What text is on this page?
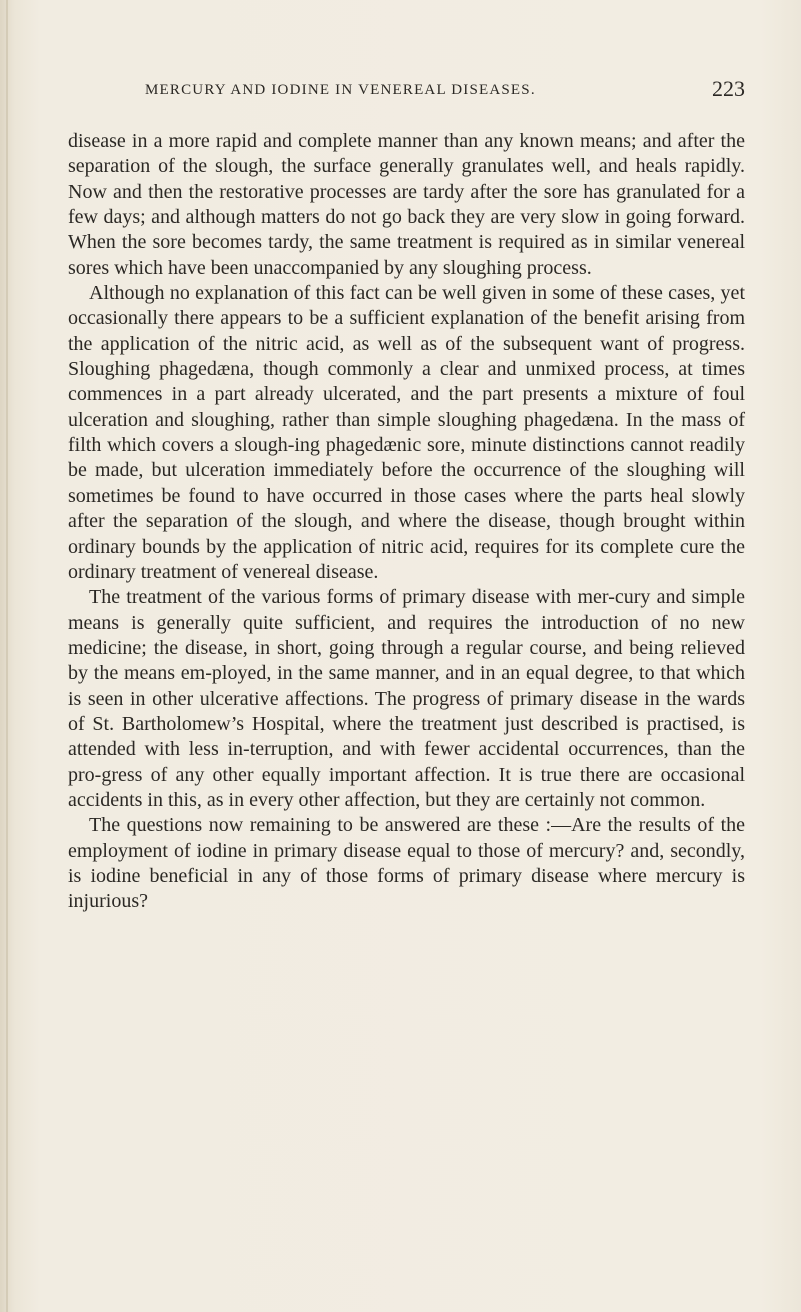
MERCURY AND IODINE IN VENEREAL DISEASES.	223

disease in a more rapid and complete manner than any known means; and after the separation of the slough, the surface generally granulates well, and heals rapidly. Now and then the restorative processes are tardy after the sore has granulated for a few days; and although matters do not go back they are very slow in going forward. When the sore becomes tardy, the same treatment is required as in similar venereal sores which have been unaccompanied by any sloughing process.

Although no explanation of this fact can be well given in some of these cases, yet occasionally there appears to be a sufficient explanation of the benefit arising from the application of the nitric acid, as well as of the subsequent want of progress. Sloughing phagedæna, though commonly a clear and unmixed process, at times commences in a part already ulcerated, and the part presents a mixture of foul ulceration and sloughing, rather than simple sloughing phagedæna. In the mass of filth which covers a slough-ing phagedænic sore, minute distinctions cannot readily be made, but ulceration immediately before the occurrence of the sloughing will sometimes be found to have occurred in those cases where the parts heal slowly after the separation of the slough, and where the disease, though brought within ordinary bounds by the application of nitric acid, requires for its complete cure the ordinary treatment of venereal disease.

The treatment of the various forms of primary disease with mer-cury and simple means is generally quite sufficient, and requires the introduction of no new medicine; the disease, in short, going through a regular course, and being relieved by the means em-ployed, in the same manner, and in an equal degree, to that which is seen in other ulcerative affections. The progress of primary disease in the wards of St. Bartholomew’s Hospital, where the treatment just described is practised, is attended with less in-terruption, and with fewer accidental occurrences, than the pro-gress of any other equally important affection. It is true there are occasional accidents in this, as in every other affection, but they are certainly not common.

The questions now remaining to be answered are these :—Are the results of the employment of iodine in primary disease equal to those of mercury? and, secondly, is iodine beneficial in any of those forms of primary disease where mercury is injurious?
